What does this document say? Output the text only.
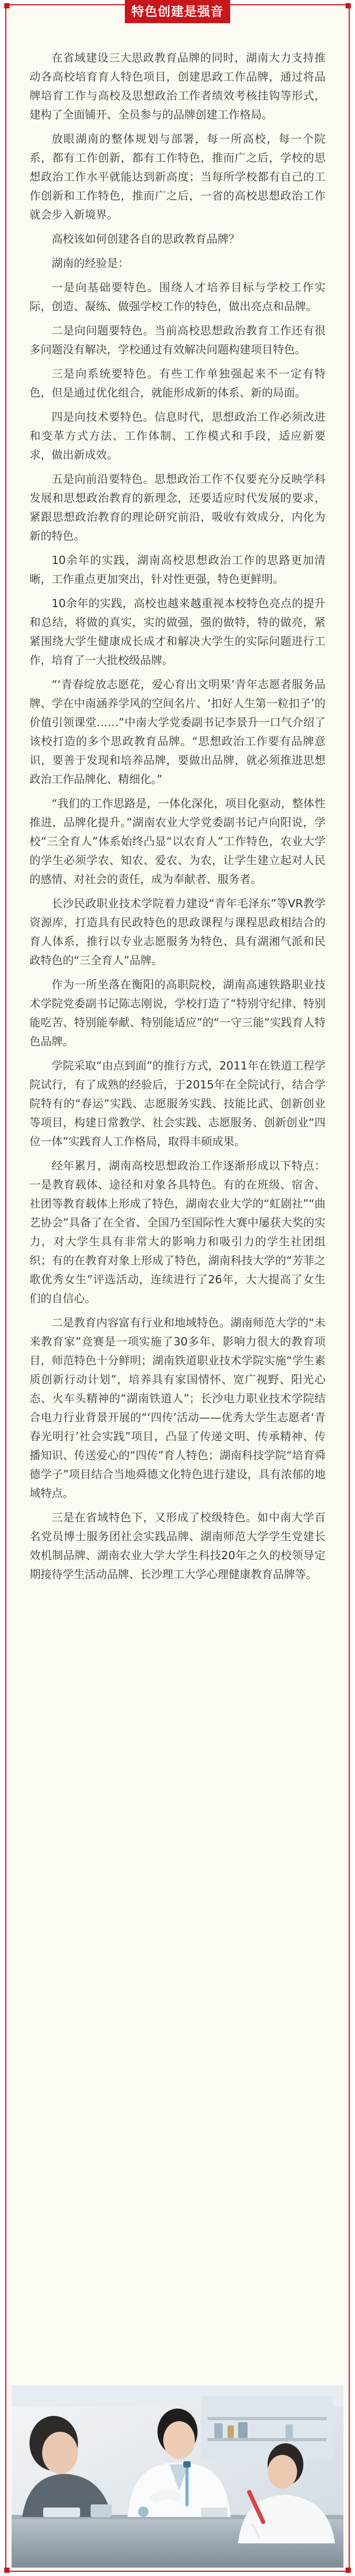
特色创建是强音

在省域建设三大思政教育品牌的同时，湖南大力支持推动各高校培育育人特色项目，创建思政工作品牌，通过将品牌培育工作与高校及思想政治工作者绩效考核挂钩等形式，建构了全面铺开、全员参与的品牌创建工作格局。

放眼湖南的整体规划与部署，每一所高校，每一个院系，都有工作创新，都有工作特色，推而广之后，学校的思想政治工作水平就能达到新高度；当每所学校都有自己的工作创新和工作特色，推而广之后，一省的高校思想政治工作就会步入新境界。

高校该如何创建各自的思政教育品牌？

湖南的经验是：

一是向基础要特色。围绕人才培养目标与学校工作实际，创造、凝练、做强学校工作的特色，做出亮点和品牌。

二是向问题要特色。当前高校思想政治教育工作还有很多问题没有解决，学校通过有效解决问题构建项目特色。

三是向系统要特色。有些工作单独强起来不一定有特色，但是通过优化组合，就能形成新的体系、新的局面。

四是向技术要特色。信息时代，思想政治工作必须改进和变革方式方法、工作体制、工作模式和手段，适应新要求，做出新成效。

五是向前沿要特色。思想政治工作不仅要充分反映学科发展和思想政治教育的新理念，还要适应时代发展的要求，紧跟思想政治教育的理论研究前沿，吸收有效成分，内化为新的特色。

10余年的实践，湖南高校思想政治工作的思路更加清晰，工作重点更加突出，针对性更强，特色更鲜明。

10余年的实践，高校也越来越重视本校特色亮点的提升和总结，将做的真实，实的做强，强的做特，特的做亮，紧紧围绕大学生健康成长成才和解决大学生的实际问题进行工作，培育了一大批校级品牌。

“‘青春绽放志愿花，爱心育出文明果’青年志愿者服务品牌、学在中南涵养学风的空间名片、‘扣好人生第一粒扣子’的价值引领课堂……”中南大学党委副书记李景升一口气介绍了该校打造的多个思政教育品牌。“思想政治工作要有品牌意识，要善于发现和培养品牌，要做出品牌，就必须推进思想政治工作品牌化、精细化。”

“我们的工作思路是，一体化深化，项目化驱动，整体性推进，品牌化提升。”湖南农业大学党委副书记卢向阳说，学校“三全育人”体系始终凸显“以农育人”工作特色，农业大学的学生必须学农、知农、爱农、为农，让学生建立起对人民的感情、对社会的责任，成为奉献者、服务者。

长沙民政职业技术学院着力建设“青年毛泽东”等VR教学资源库，打造具有民政特色的思政课程与课程思政相结合的育人体系，推行以专业志愿服务为特色、具有湖湘气派和民政特色的“三全育人”品牌。

作为一所坐落在衡阳的高职院校，湖南高速铁路职业技术学院党委副书记陈志刚说，学校打造了“特别守纪律、特别能吃苦、特别能奉献、特别能适应”的“一守三能”实践育人特色品牌。

学院采取“由点到面”的推行方式，2011年在铁道工程学院试行，有了成熟的经验后，于2015年在全院试行，结合学院特有的“春运”实践、志愿服务实践、技能比武、创新创业等项目，构建日常教学、社会实践、志愿服务、创新创业“四位一体”实践育人工作格局，取得丰硕成果。

经年累月，湖南高校思想政治工作逐渐形成以下特点：一是教育载体、途径和对象各具特色。有的在班级、宿舍、社团等教育载体上形成了特色，湖南农业大学的“虹剧社”“曲艺协会”具备了在全省、全国乃至国际性大赛中屡获大奖的实力，对大学生具有非常大的影响力和吸引力的学生社团组织；有的在教育对象上形成了特色，湖南科技大学的“芳菲之歌优秀女生”评选活动，连续进行了26年，大大提高了女生们的自信心。

二是教育内容富有行业和地域特色。湖南师范大学的“未来教育家”竞赛是一项实施了30多年、影响力很大的教育项目，师范特色十分鲜明；湖南铁道职业技术学院实施“学生素质创新行动计划”，培养具有家国情怀、宽广视野、阳光心态、火车头精神的“湖南铁道人”；长沙电力职业技术学院结合电力行业背景开展的“‘四传’活动——优秀大学生志愿者‘青春光明行’社会实践”项目，凸显了传递文明、传承精神、传播知识、传送爱心的“四传”育人特色；湖南科技学院“培育舜德学子”项目结合当地舜德文化特色进行建设，具有浓郁的地域特点。

三是在省域特色下，又形成了校级特色。如中南大学百名党员博士服务团社会实践品牌、湖南师范大学学生党建长效机制品牌、湖南农业大学大学生科技20年之久的校领导定期接待学生活动品牌、长沙理工大学心理健康教育品牌等。
